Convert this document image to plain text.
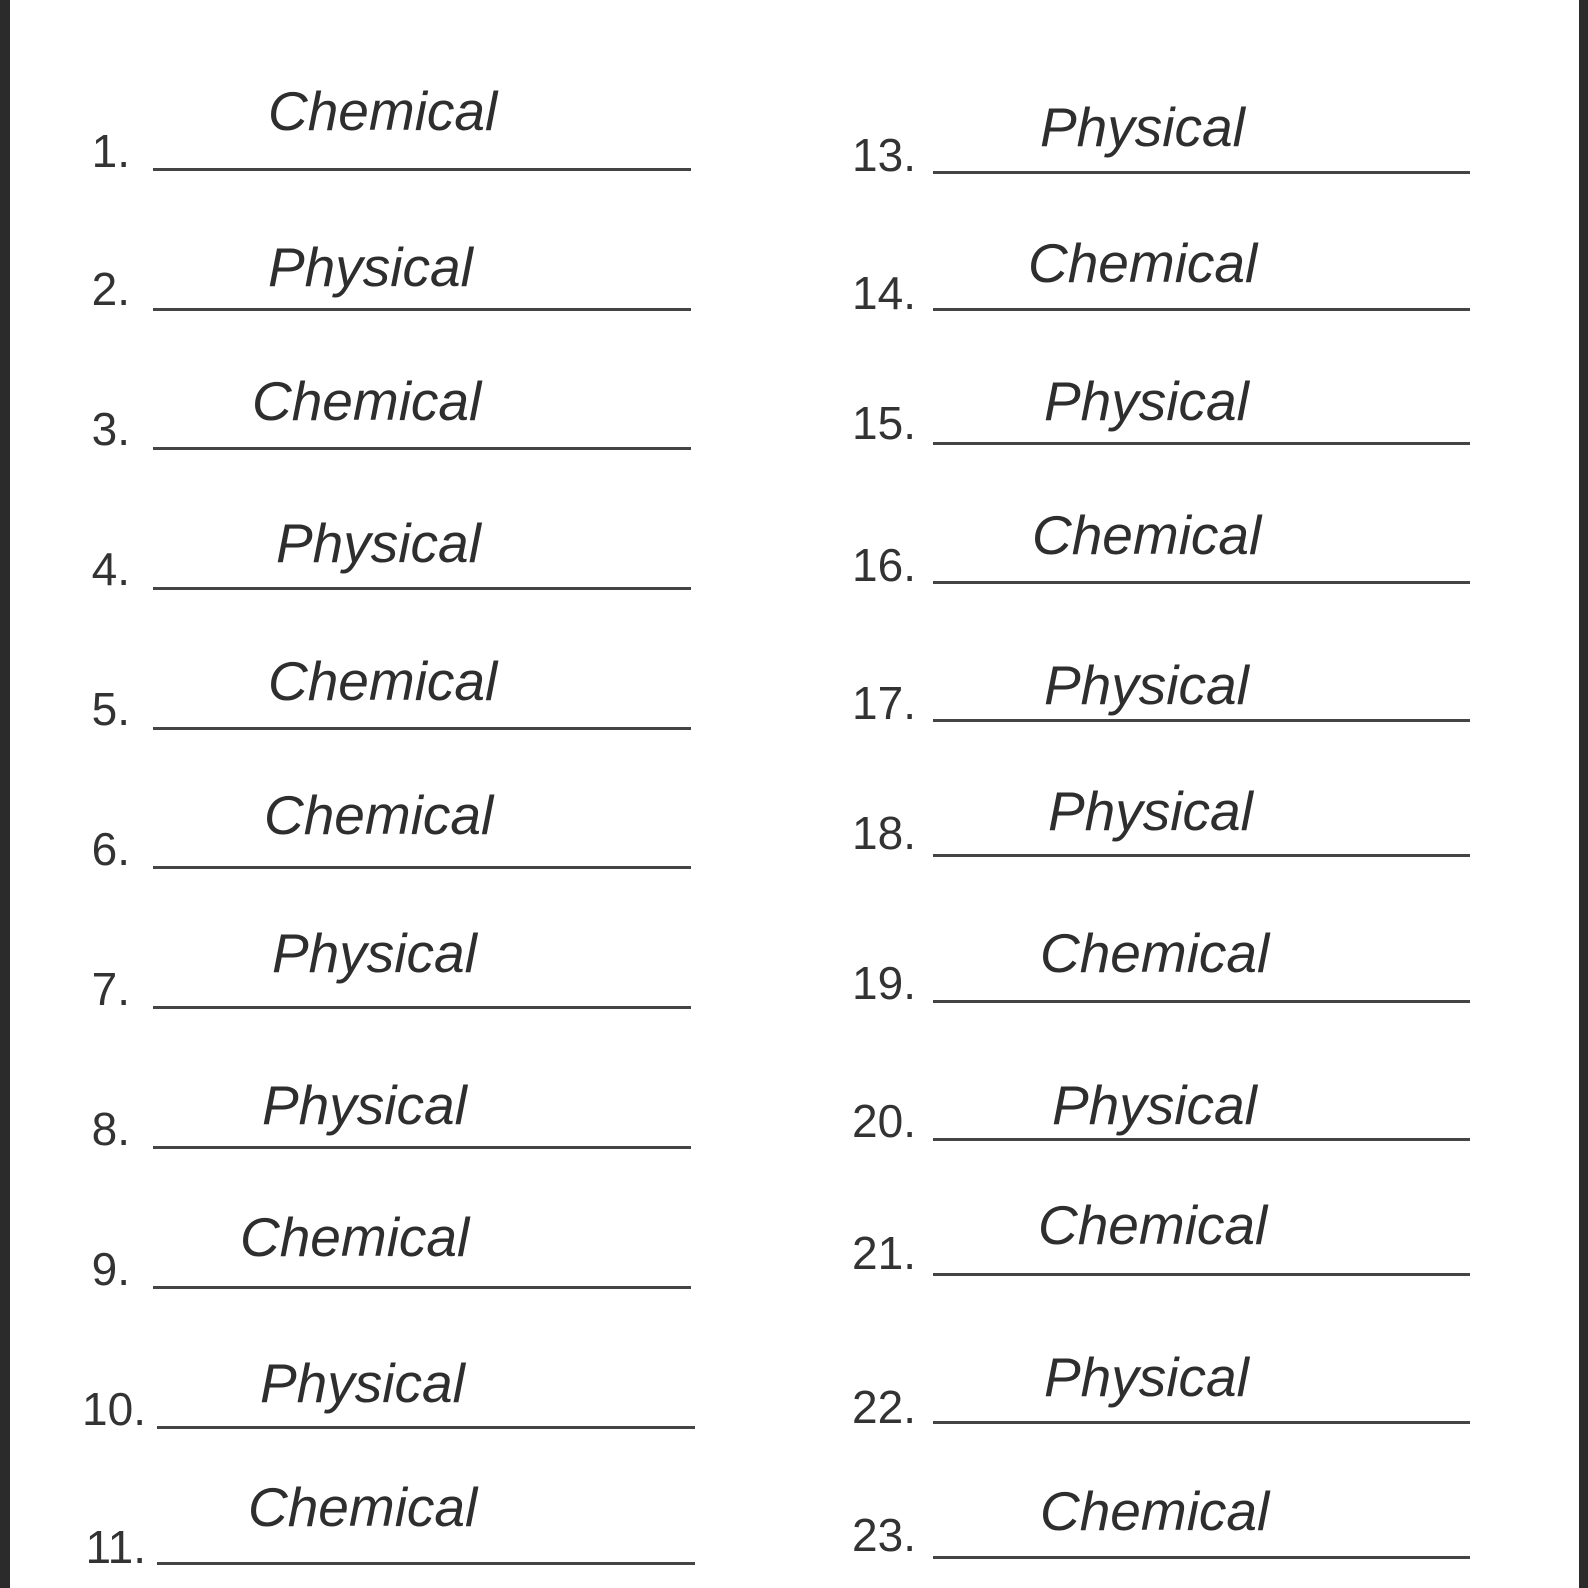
1.
Chemical
2.	Physical
3. Chemical
4.	Physical
5.	Chemical
6.
Chemical
7.
Physical
8. Physical
9.
Chemical
10. Physical
11.
Chemical
13. Physical
14. Chemical
15. Physical
16. Chemical
17. Physical
18. Physical
19. Chemical
20. Physical
21. Chemical
22. Physical
23. Chemical
